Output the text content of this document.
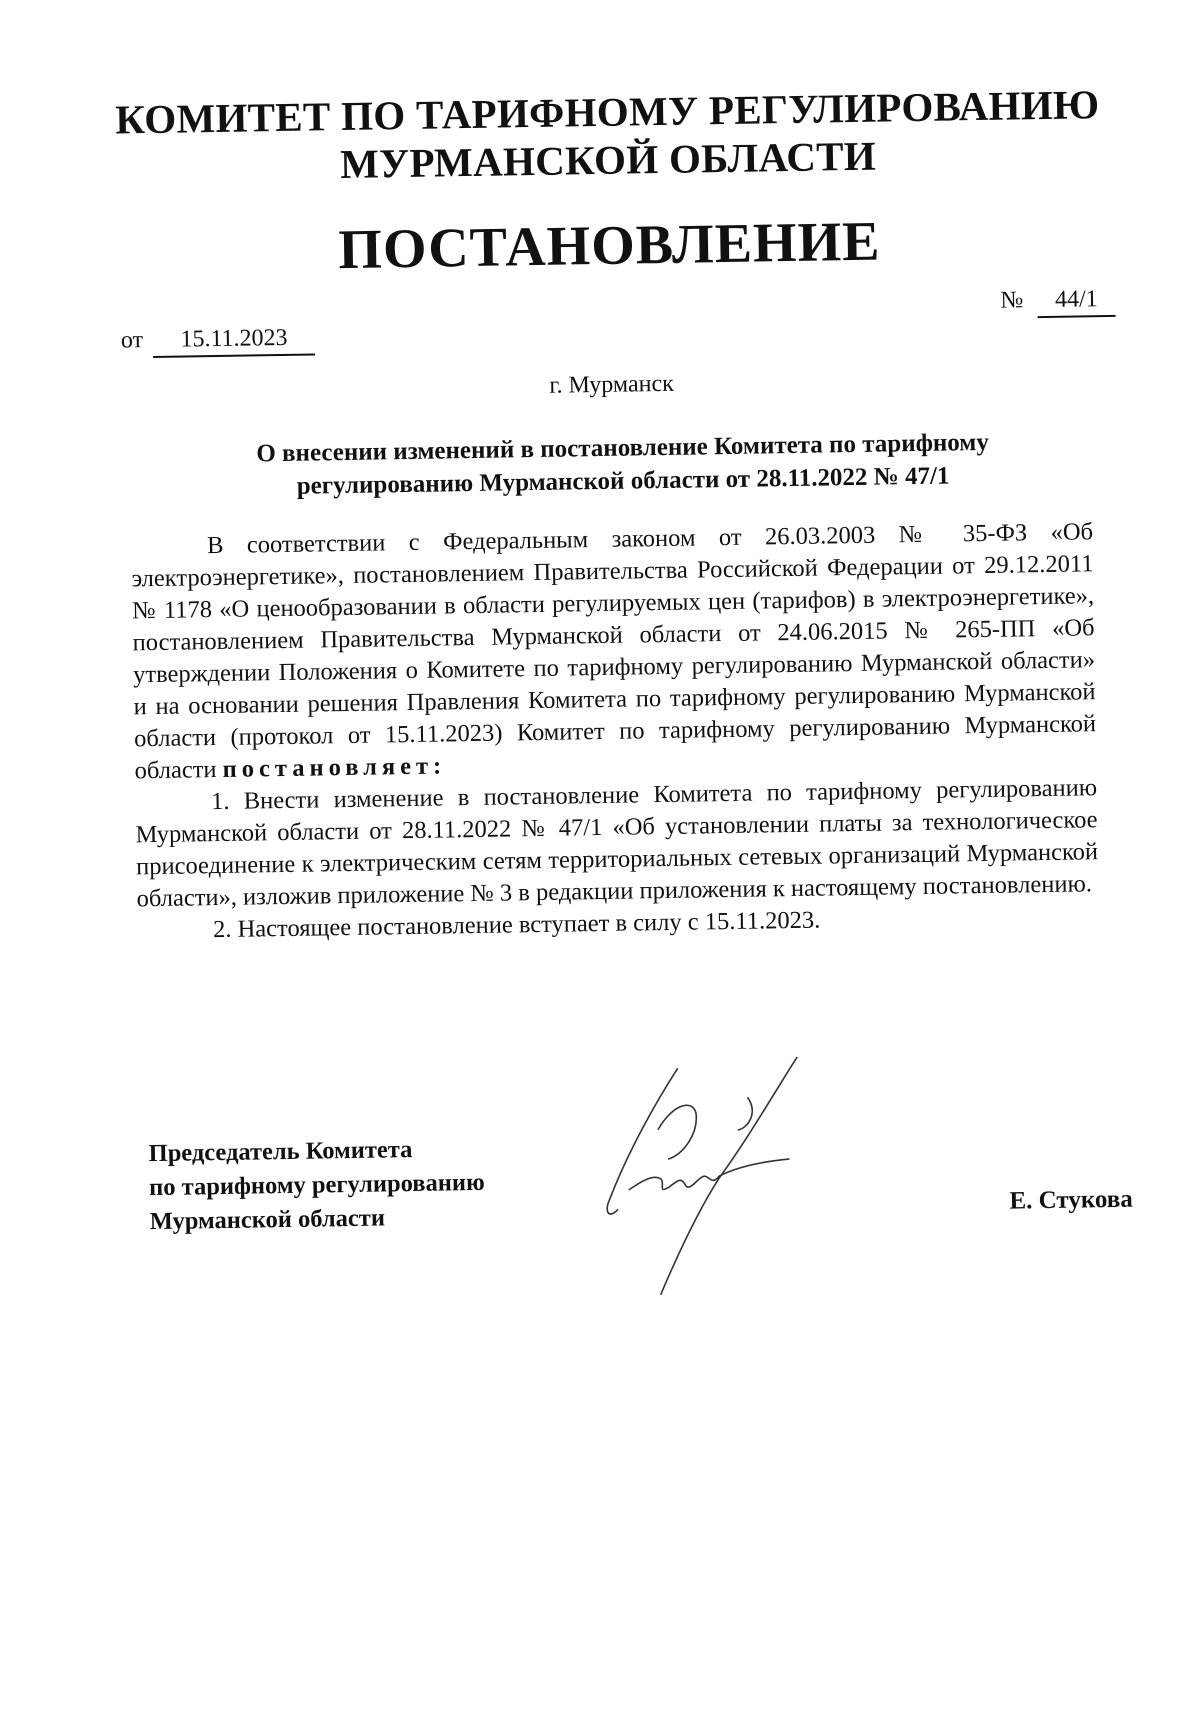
КОМИТЕТ ПО ТАРИФНОМУ РЕГУЛИРОВАНИЮ
МУРМАНСКОЙ ОБЛАСТИ
ПОСТАНОВЛЕНИЕ
от 15.11.2023
№ 44/1
г. Мурманск
О внесении изменений в постановление Комитета по тарифному
регулированию Мурманской области от 28.11.2022 № 47/1

В соответствии с Федеральным законом от 26.03.2003 № 35-ФЗ «Об электроэнергетике», постановлением Правительства Российской Федерации от 29.12.2011 № 1178 «О ценообразовании в области регулируемых цен (тарифов) в электроэнергетике», постановлением Правительства Мурманской области от 24.06.2015 № 265-ПП «Об утверждении Положения о Комитете по тарифному регулированию Мурманской области» и на основании решения Правления Комитета по тарифному регулированию Мурманской области (протокол от 15.11.2023) Комитет по тарифному регулированию Мурманской области постановляет:

1. Внести изменение в постановление Комитета по тарифному регулированию Мурманской области от 28.11.2022 № 47/1 «Об установлении платы за технологическое присоединение к электрическим сетям территориальных сетевых организаций Мурманской области», изложив приложение № 3 в редакции приложения к настоящему постановлению.

2. Настоящее постановление вступает в силу с 15.11.2023.

Председатель Комитета
по тарифному регулированию
Мурманской области
Е. Стукова
